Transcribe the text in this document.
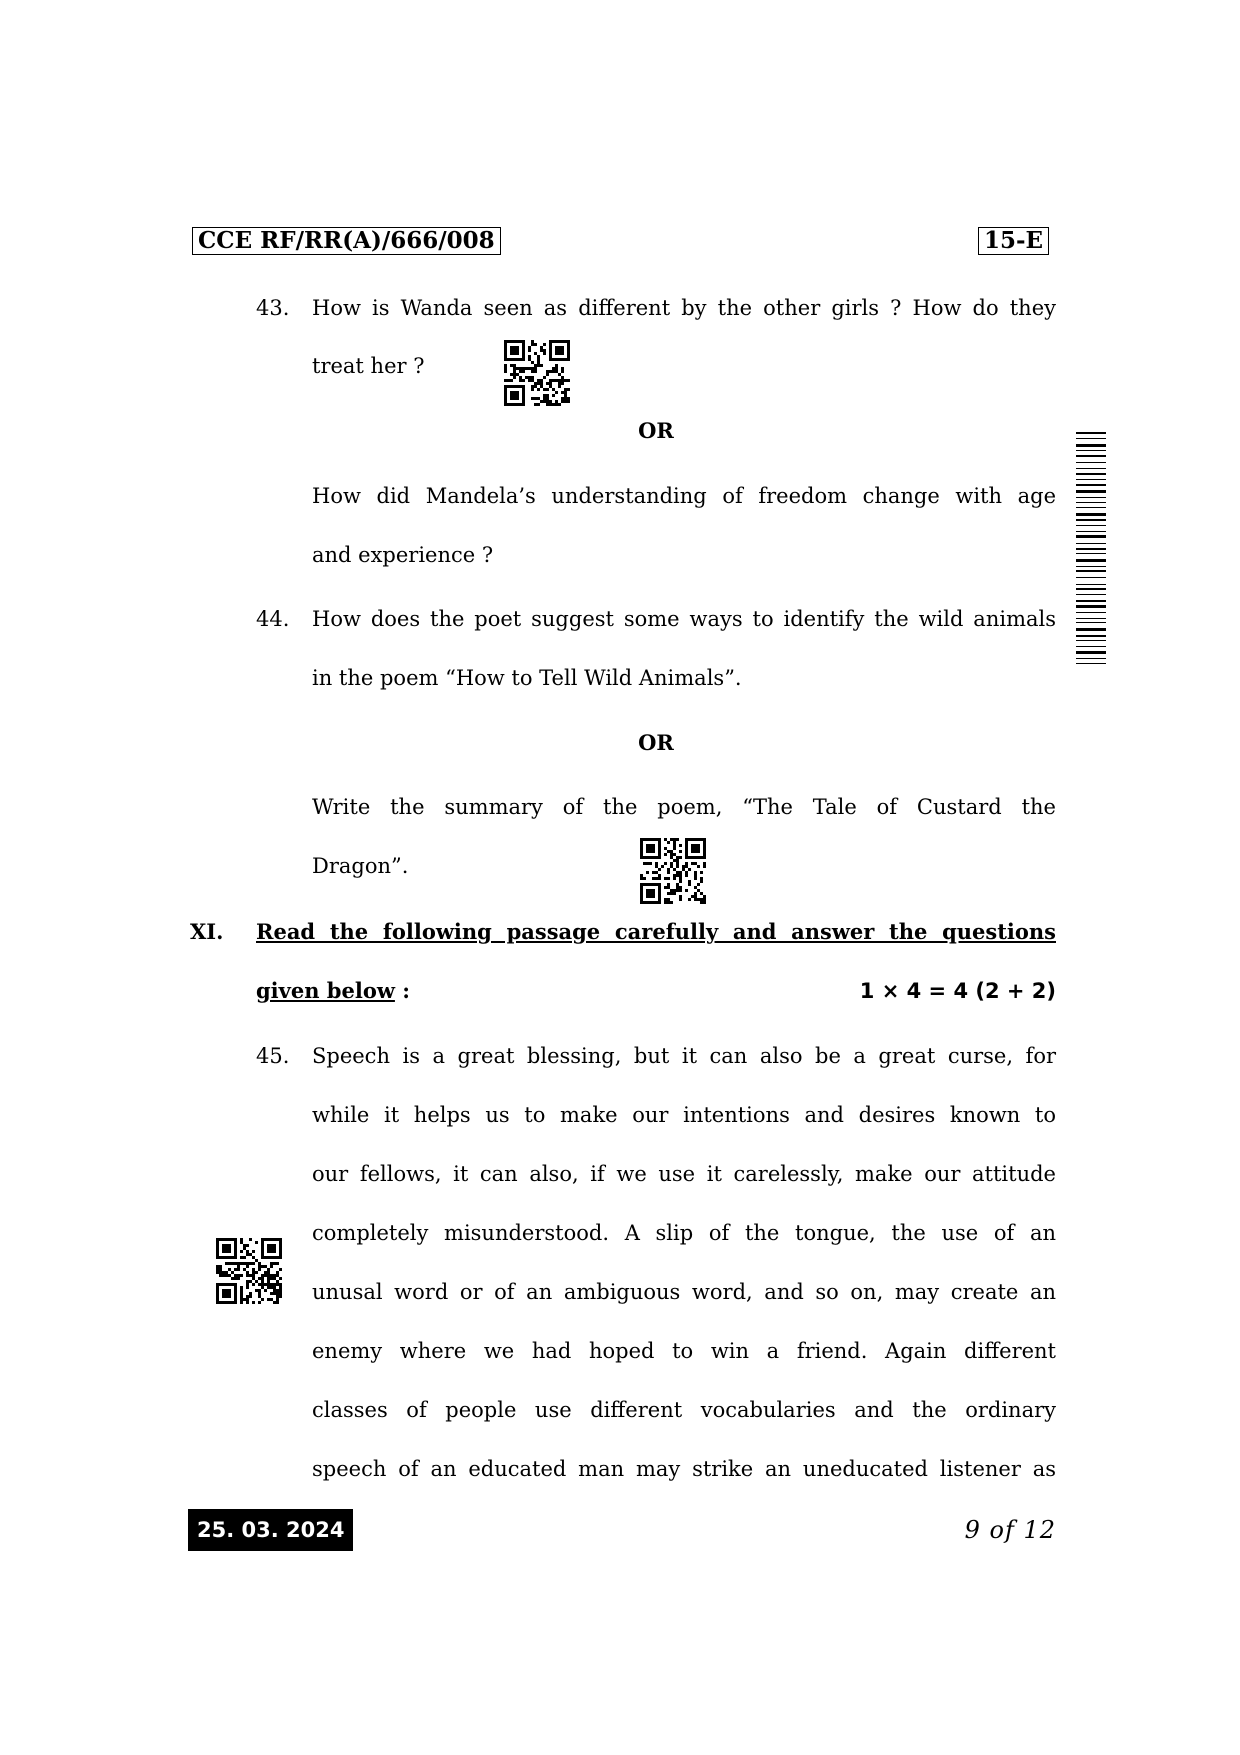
CCE RF/RR(A)/666/008	15-E
43. How is Wanda seen as different by the other girls ? How do they
treat her ?
OR
How did Mandela’s understanding of freedom change with age
and experience ?
44. How does the poet suggest some ways to identify the wild animals
in the poem “How to Tell Wild Animals”.
OR
Write the summary of the poem, “The Tale of Custard the
Dragon”.
XI. Read the following passage carefully and answer the questions
given below :	1 × 4 = 4 (2 + 2)
45. Speech is a great blessing, but it can also be a great curse, for
while it helps us to make our intentions and desires known to
our fellows, it can also, if we use it carelessly, make our attitude
completely misunderstood. A slip of the tongue, the use of an
unusal word or of an ambiguous word, and so on, may create an
enemy where we had hoped to win a friend. Again different
classes of people use different vocabularies and the ordinary
speech of an educated man may strike an uneducated listener as
25. 03. 2024	9 of 12
